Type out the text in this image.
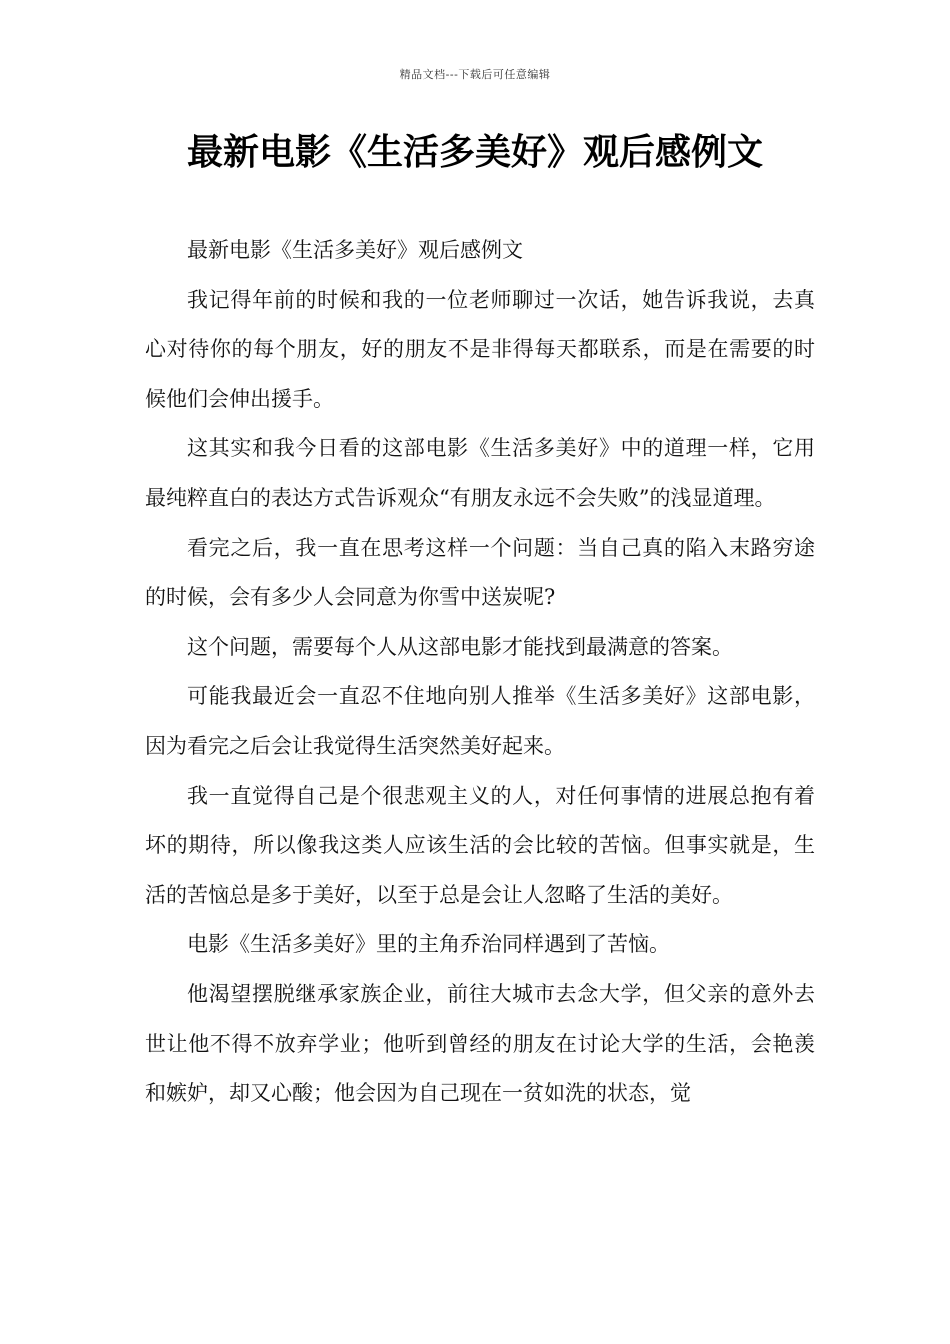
精品文档---下载后可任意编辑
最新电影《生活多美好》观后感例文

最新电影《生活多美好》观后感例文

我记得年前的时候和我的一位老师聊过一次话，她告诉我说，去真心对待你的每个朋友，好的朋友不是非得每天都联系，而是在需要的时候他们会伸出援手。

这其实和我今日看的这部电影《生活多美好》中的道理一样，它用最纯粹直白的表达方式告诉观众“有朋友永远不会失败”的浅显道理。

看完之后，我一直在思考这样一个问题：当自己真的陷入末路穷途的时候，会有多少人会同意为你雪中送炭呢?

这个问题，需要每个人从这部电影才能找到最满意的答案。

可能我最近会一直忍不住地向别人推举《生活多美好》这部电影，因为看完之后会让我觉得生活突然美好起来。

我一直觉得自己是个很悲观主义的人，对任何事情的进展总抱有着坏的期待，所以像我这类人应该生活的会比较的苦恼。但事实就是，生活的苦恼总是多于美好，以至于总是会让人忽略了生活的美好。

电影《生活多美好》里的主角乔治同样遇到了苦恼。

他渴望摆脱继承家族企业，前往大城市去念大学，但父亲的意外去世让他不得不放弃学业；他听到曾经的朋友在讨论大学的生活，会艳羡和嫉妒，却又心酸；他会因为自己现在一贫如洗的状态，觉
